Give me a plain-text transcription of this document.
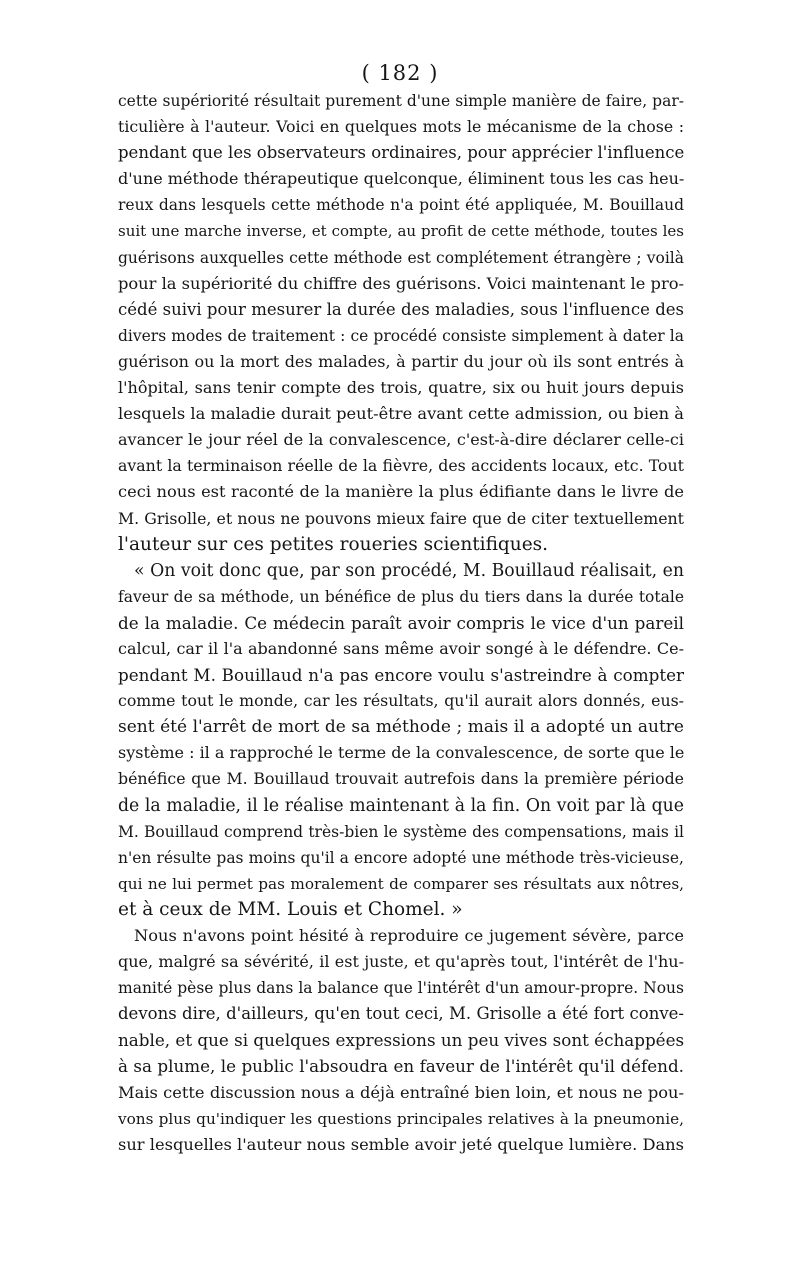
( 182 )
cette supériorité résultait purement d'une simple manière de faire, par-
ticulière à l'auteur. Voici en quelques mots le mécanisme de la chose :
pendant que les observateurs ordinaires, pour apprécier l'influence
d'une méthode thérapeutique quelconque, éliminent tous les cas heu-
reux dans lesquels cette méthode n'a point été appliquée, M. Bouillaud
suit une marche inverse, et compte, au profit de cette méthode, toutes les
guérisons auxquelles cette méthode est complétement étrangère ; voilà
pour la supériorité du chiffre des guérisons. Voici maintenant le pro-
cédé suivi pour mesurer la durée des maladies, sous l'influence des
divers modes de traitement : ce procédé consiste simplement à dater la
guérison ou la mort des malades, à partir du jour où ils sont entrés à
l'hôpital, sans tenir compte des trois, quatre, six ou huit jours depuis
lesquels la maladie durait peut-être avant cette admission, ou bien à
avancer le jour réel de la convalescence, c'est-à-dire déclarer celle-ci
avant la terminaison réelle de la fièvre, des accidents locaux, etc. Tout
ceci nous est raconté de la manière la plus édifiante dans le livre de
M. Grisolle, et nous ne pouvons mieux faire que de citer textuellement
l'auteur sur ces petites roueries scientifiques.
« On voit donc que, par son procédé, M. Bouillaud réalisait, en
faveur de sa méthode, un bénéfice de plus du tiers dans la durée totale
de la maladie. Ce médecin paraît avoir compris le vice d'un pareil
calcul, car il l'a abandonné sans même avoir songé à le défendre. Ce-
pendant M. Bouillaud n'a pas encore voulu s'astreindre à compter
comme tout le monde, car les résultats, qu'il aurait alors donnés, eus-
sent été l'arrêt de mort de sa méthode ; mais il a adopté un autre
système : il a rapproché le terme de la convalescence, de sorte que le
bénéfice que M. Bouillaud trouvait autrefois dans la première période
de la maladie, il le réalise maintenant à la fin. On voit par là que
M. Bouillaud comprend très-bien le système des compensations, mais il
n'en résulte pas moins qu'il a encore adopté une méthode très-vicieuse,
qui ne lui permet pas moralement de comparer ses résultats aux nôtres,
et à ceux de MM. Louis et Chomel. »
Nous n'avons point hésité à reproduire ce jugement sévère, parce
que, malgré sa sévérité, il est juste, et qu'après tout, l'intérêt de l'hu-
manité pèse plus dans la balance que l'intérêt d'un amour-propre. Nous
devons dire, d'ailleurs, qu'en tout ceci, M. Grisolle a été fort conve-
nable, et que si quelques expressions un peu vives sont échappées
à sa plume, le public l'absoudra en faveur de l'intérêt qu'il défend.
Mais cette discussion nous a déjà entraîné bien loin, et nous ne pou-
vons plus qu'indiquer les questions principales relatives à la pneumonie,
sur lesquelles l'auteur nous semble avoir jeté quelque lumière. Dans
